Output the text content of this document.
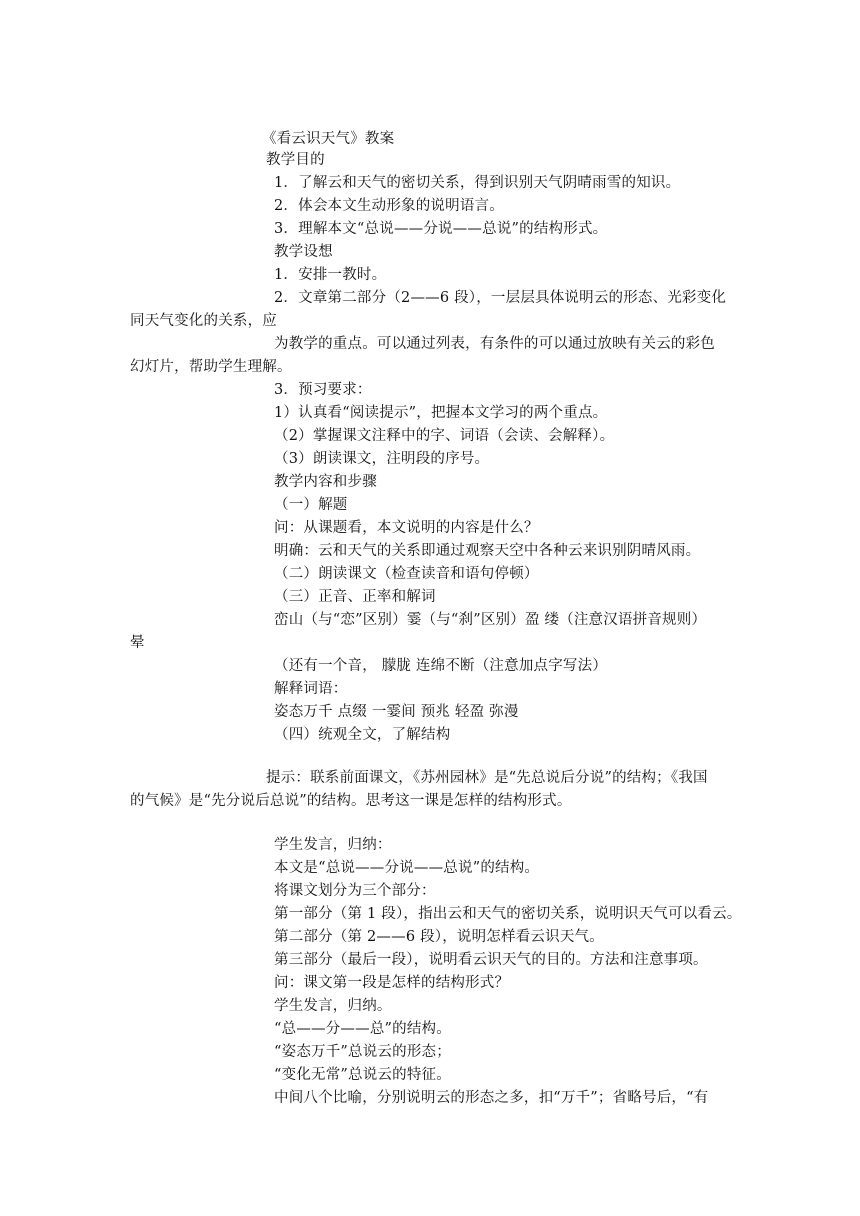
《看云识天气》教案
教学目的
1．了解云和天气的密切关系，得到识别天气阴晴雨雪的知识。
2．体会本文生动形象的说明语言。
3．理解本文“总说——分说——总说”的结构形式。
教学设想
1．安排一教时。
2．文章第二部分（2——6 段），一层层具体说明云的形态、光彩变化
同天气变化的关系，应
为教学的重点。可以通过列表，有条件的可以通过放映有关云的彩色
幻灯片，帮助学生理解。
3．预习要求：
1）认真看“阅读提示”，把握本文学习的两个重点。
（2）掌握课文注释中的字、词语（会读、会解释）。
（3）朗读课文，注明段的序号。
教学内容和步骤
（一）解题
问：从课题看，本文说明的内容是什么？
明确：云和天气的关系即通过观察天空中各种云来识别阴晴风雨。
（二）朗读课文（检查读音和语句停顿）
（三）正音、正率和解词
峦山（与“恋”区别）霎（与“刹”区别）盈 缕（注意汉语拼音规则）
晕
（还有一个音， 朦胧 连绵不断（注意加点字写法）
解释词语：
姿态万千 点缀 一霎间 预兆 轻盈 弥漫
（四）统观全文，了解结构
提示：联系前面课文，《苏州园林》是“先总说后分说”的结构；《我国
的气候》是“先分说后总说”的结构。思考这一课是怎样的结构形式。
学生发言，归纳：
本文是“总说——分说——总说”的结构。
将课文划分为三个部分：
第一部分（第 1 段），指出云和天气的密切关系，说明识天气可以看云。
第二部分（第 2——6 段），说明怎样看云识天气。
第三部分（最后一段），说明看云识天气的目的。方法和注意事项。
问：课文第一段是怎样的结构形式？
学生发言，归纳。
“总——分——总”的结构。
“姿态万千”总说云的形态；
“变化无常”总说云的特征。
中间八个比喻，分别说明云的形态之多，扣“万千”；省略号后，“有
